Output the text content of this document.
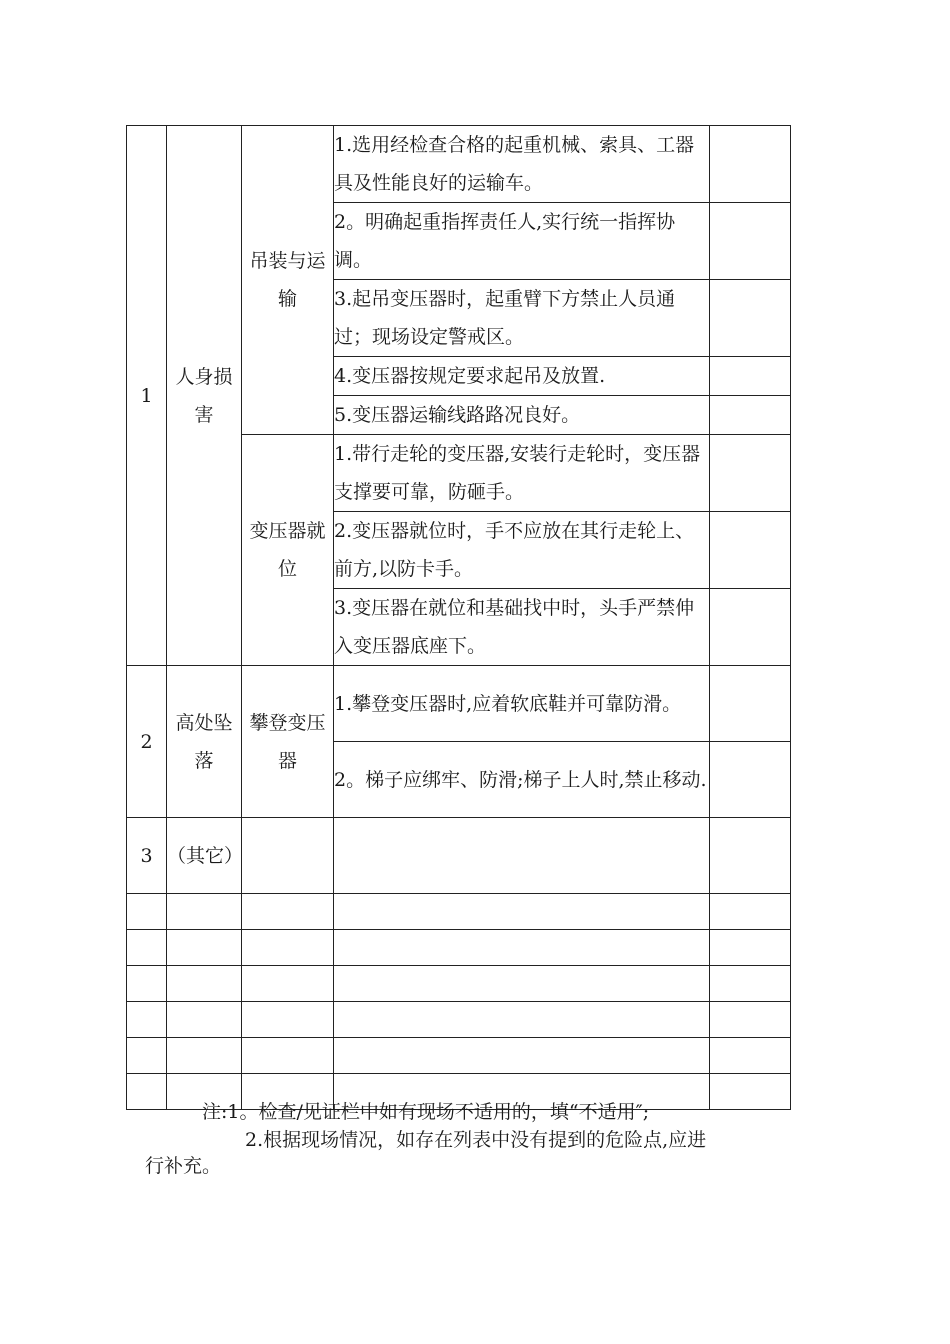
1	人身损害	吊装与运输	1.选用经检查合格的起重机械、索具、工器具及性能良好的运输车。	
			2。明确起重指挥责任人,实行统一指挥协调。	
			3.起吊变压器时，起重臂下方禁止人员通过；现场设定警戒区。	
			4.变压器按规定要求起吊及放置.	
			5.变压器运输线路路况良好。	
		变压器就位	1.带行走轮的变压器,安装行走轮时，变压器支撑要可靠，防砸手。	
			2.变压器就位时，手不应放在其行走轮上、前方,以防卡手。	
			3.变压器在就位和基础找中时，头手严禁伸入变压器底座下。	
2	高处坠落	攀登变压器	1.攀登变压器时,应着软底鞋并可靠防滑。	
			2。梯子应绑牢、防滑;梯子上人时,禁止移动.	
3	（其它）			

注:1。检查/见证栏中如有现场不适用的，填“不适用″;
2.根据现场情况，如存在列表中没有提到的危险点,应进
行补充。
